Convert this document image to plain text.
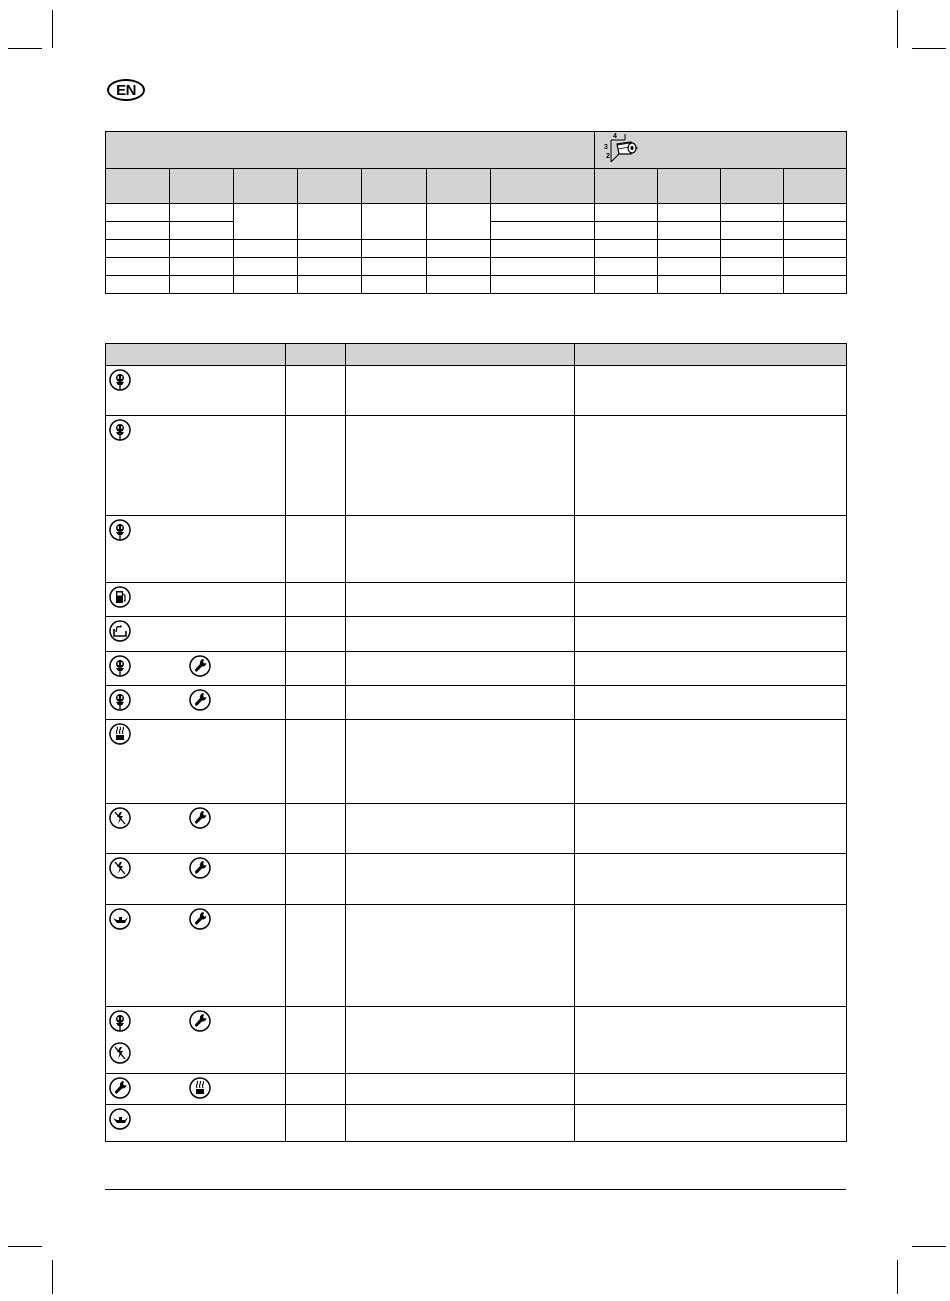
EN

4
3
2			
